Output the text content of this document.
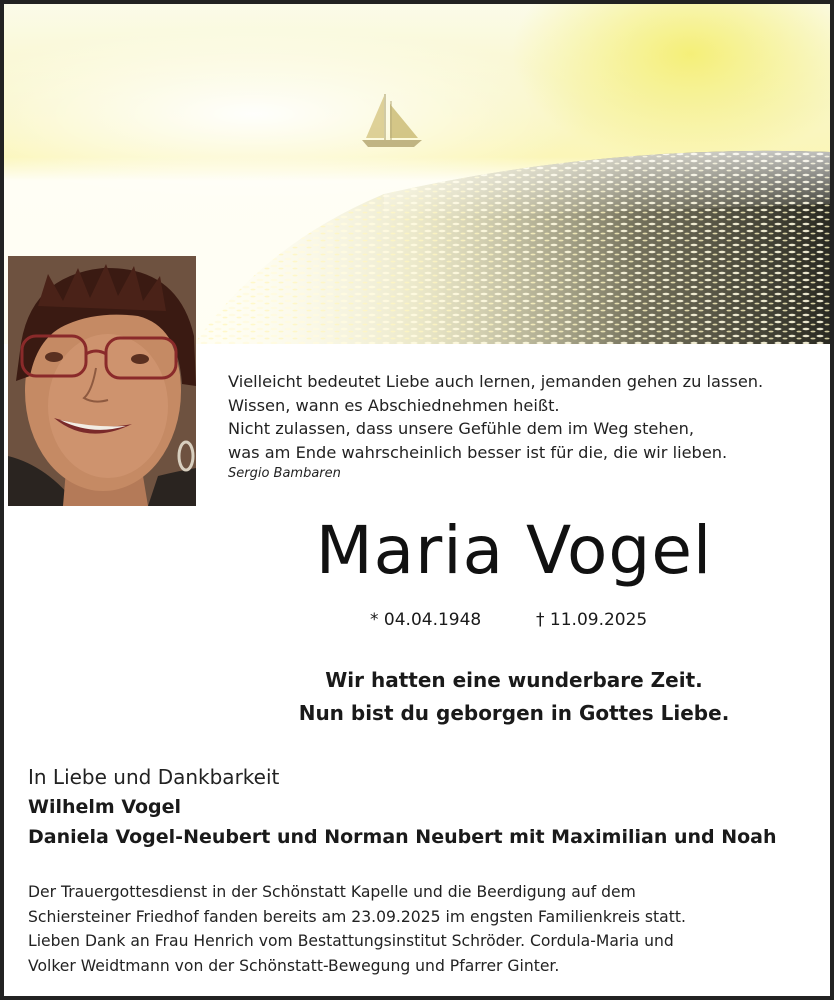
Vielleicht bedeutet Liebe auch lernen, jemanden gehen zu lassen.
Wissen, wann es Abschiednehmen heißt.
Nicht zulassen, dass unsere Gefühle dem im Weg stehen,
was am Ende wahrscheinlich besser ist für die, die wir lieben.
Sergio Bambaren
Maria Vogel
* 04.04.1948	† 11.09.2025
Wir hatten eine wunderbare Zeit.
Nun bist du geborgen in Gottes Liebe.
In Liebe und Dankbarkeit
Wilhelm Vogel
Daniela Vogel-Neubert und Norman Neubert mit Maximilian und Noah
Der Trauergottesdienst in der Schönstatt Kapelle und die Beerdigung auf dem
Schiersteiner Friedhof fanden bereits am 23.09.2025 im engsten Familienkreis statt.
Lieben Dank an Frau Henrich vom Bestattungsinstitut Schröder. Cordula-Maria und
Volker Weidtmann von der Schönstatt-Bewegung und Pfarrer Ginter.
